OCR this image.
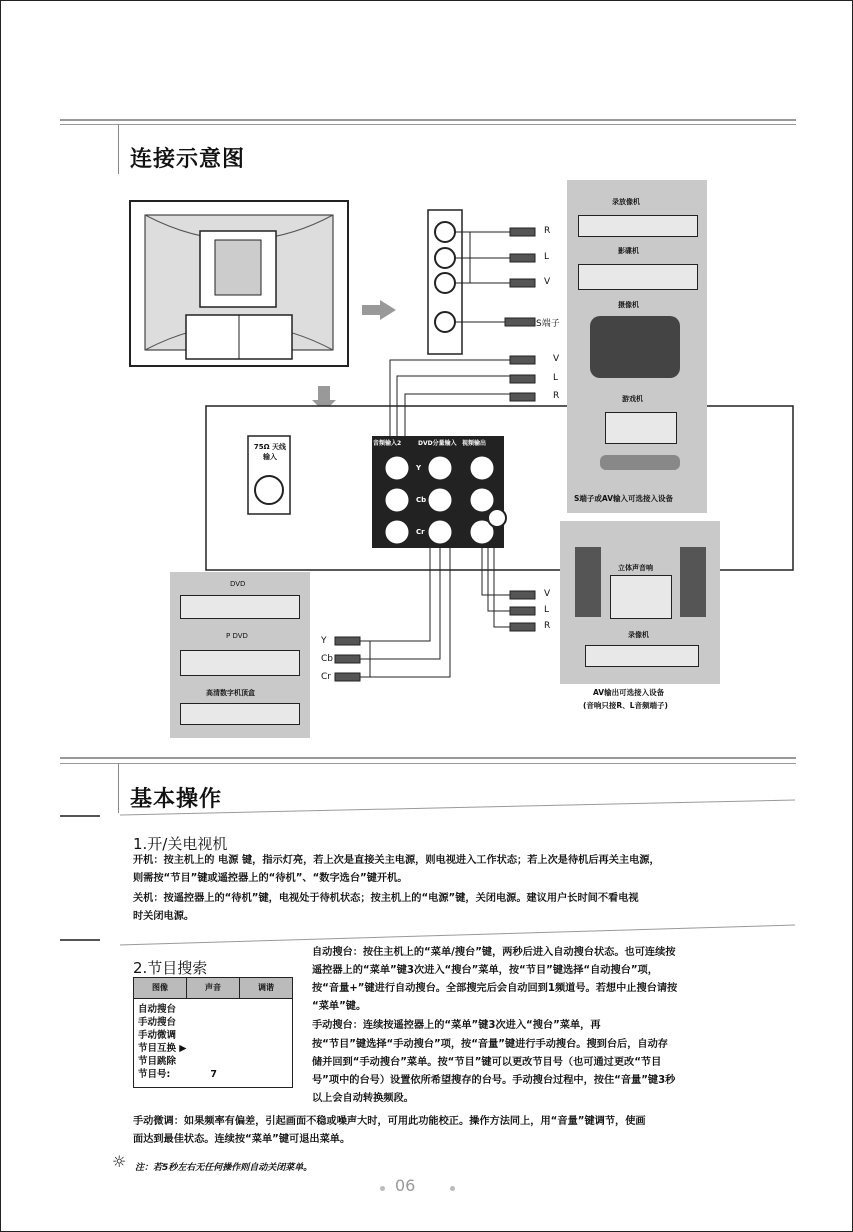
连接示意图
录放像机
影碟机
摄像机
游戏机
S端子或AV输入可选接入设备
R
L
V
S端子
V
L
R
75Ω 天线输入
音频输入2	DVD分量输入 视频输出
Y
Cb
Cr
DVD
P DVD
高清数字机顶盒
Y
Cb
Cr
V
L
R
立体声音响
录像机
AV输出可选接入设备
(音响只接R、L音频端子)
基本操作
1.开/关电视机
开机：按主机上的 电源 键，指示灯亮，若上次是直接关主电源，则电视进入工作状态；若上次是待机后再关主电源，
则需按“节目”键或遥控器上的“待机”、“数字选台”键开机。
关机：按遥控器上的“待机”键，电视处于待机状态；按主机上的“电源”键，关闭电源。建议用户长时间不看电视
时关闭电源。
2.节目搜索
图像	声音	调谐
自动搜台
手动搜台
手动微调
节目互换 ▶
节目跳除
节目号:	7
自动搜台：按住主机上的“菜单/搜台”键，两秒后进入自动搜台状态。也可连续按
遥控器上的“菜单”键3次进入“搜台”菜单，按“节目”键选择“自动搜台”项，
按“音量+”键进行自动搜台。全部搜完后会自动回到1频道号。若想中止搜台请按
“菜单”键。
手动搜台：连续按遥控器上的“菜单”键3次进入“搜台”菜单，再
按“节目”键选择“手动搜台”项，按“音量”键进行手动搜台。搜到台后，自动存
储并回到“手动搜台”菜单。按“节目”键可以更改节目号（也可通过更改“节目
号”项中的台号）设置依所希望搜存的台号。手动搜台过程中，按住“音量”键3秒
以上会自动转换频段。
手动微调：如果频率有偏差，引起画面不稳或噪声大时，可用此功能校正。操作方法同上，用“音量”键调节，使画
面达到最佳状态。连续按“菜单”键可退出菜单。
☼ 注：若5秒左右无任何操作则自动关闭菜单。
06
